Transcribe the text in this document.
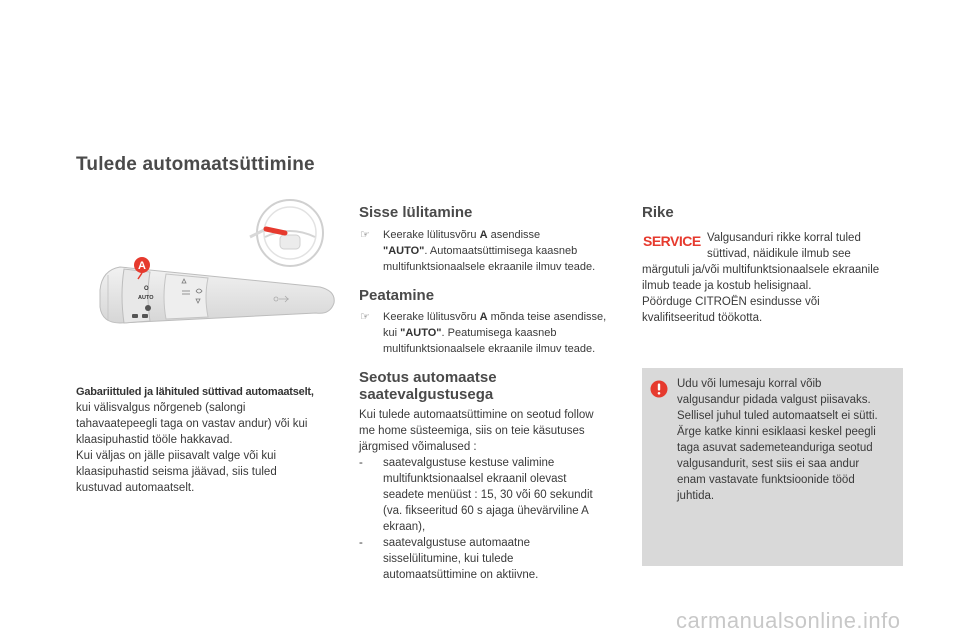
Tulede automaatsüttimine
O
AUTO
A
Gabariittuled ja lähituled süttivad automaatselt,
kui välisvalgus nõrgeneb (salongi
tahavaatepeegli taga on vastav andur) või kui
klaasipuhastid tööle hakkavad.
Kui väljas on jälle piisavalt valge või kui
klaasipuhastid seisma jäävad, siis tuled
kustuvad automaatselt.
Sisse lülitamine
☞ Keerake lülitusvõru A asendisse
"AUTO". Automaatsüttimisega kaasneb
multifunktsionaalsele ekraanile ilmuv teade.
Peatamine
☞ Keerake lülitusvõru A mõnda teise asendisse,
kui "AUTO". Peatumisega kaasneb
multifunktsionaalsele ekraanile ilmuv teade.
Seotus automaatse
saatevalgustusega
Kui tulede automaatsüttimine on seotud follow
me home süsteemiga, siis on teie käsutuses
järgmised võimalused :
- saatevalgustuse kestuse valimine
multifunktsionaalsel ekraanil olevast
seadete menüüst : 15, 30 või 60 sekundit
(va. fikseeritud 60 s ajaga ühevärviline A
ekraan),
- saatevalgustuse automaatne
sisselülitumine, kui tulede
automaatsüttimine on aktiivne.
Rike
SERVICE Valgusanduri rikke korral tuled
süttivad, näidikule ilmub see
märgutuli ja/või multifunktsionaalsele ekraanile
ilmub teade ja kostub helisignaal.
Pöörduge CITROËN esindusse või
kvalifitseeritud töökotta.
Udu või lumesaju korral võib
valgusandur pidada valgust piisavaks.
Sellisel juhul tuled automaatselt ei sütti.
Ärge katke kinni esiklaasi keskel peegli
taga asuvat sademeteanduriga seotud
valgusandurit, sest siis ei saa andur
enam vastavate funktsioonide tööd
juhtida.
carmanualsonline.info
